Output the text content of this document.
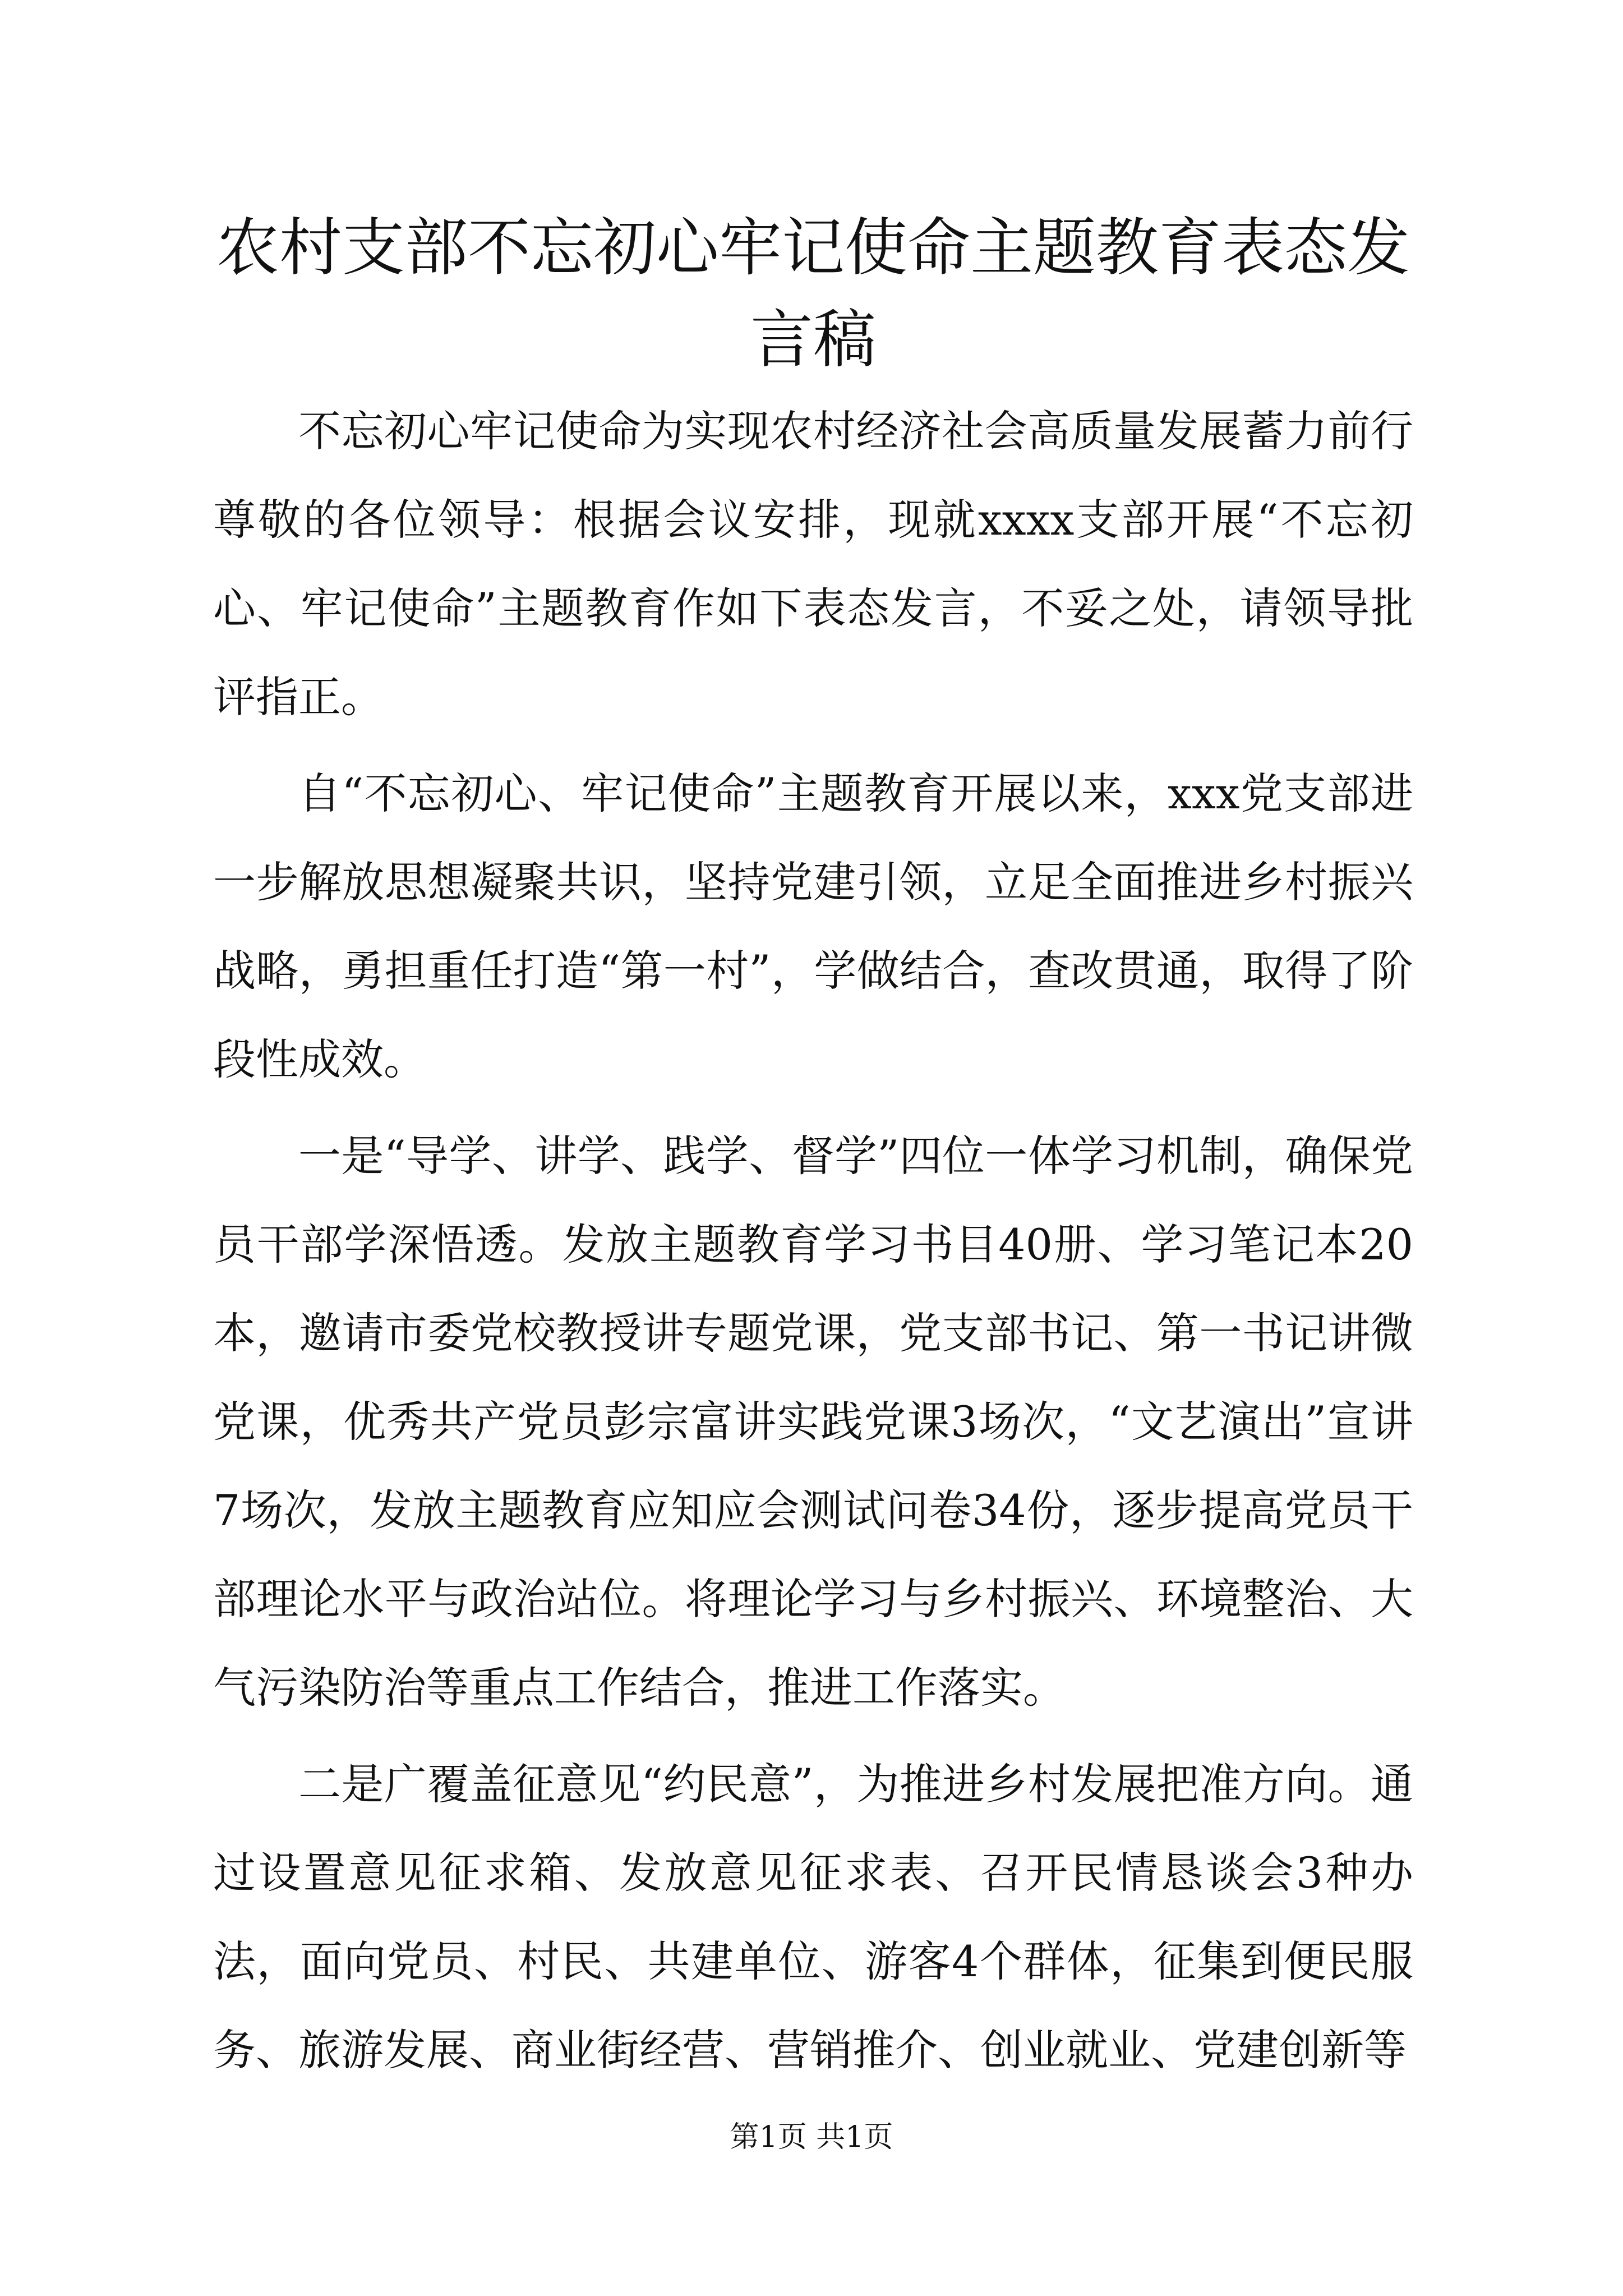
农村支部不忘初心牢记使命主题教育表态发言稿

不忘初心牢记使命为实现农村经济社会高质量发展蓄力前行尊敬的各位领导：根据会议安排，现就xxxx支部开展“不忘初心、牢记使命”主题教育作如下表态发言，不妥之处，请领导批评指正。

自“不忘初心、牢记使命”主题教育开展以来，xxx党支部进一步解放思想凝聚共识，坚持党建引领，立足全面推进乡村振兴战略，勇担重任打造“第一村”，学做结合，查改贯通，取得了阶段性成效。

一是“导学、讲学、践学、督学”四位一体学习机制，确保党员干部学深悟透。发放主题教育学习书目40册、学习笔记本20本，邀请市委党校教授讲专题党课，党支部书记、第一书记讲微党课，优秀共产党员彭宗富讲实践党课3场次，“文艺演出”宣讲7场次，发放主题教育应知应会测试问卷34份，逐步提高党员干部理论水平与政治站位。将理论学习与乡村振兴、环境整治、大气污染防治等重点工作结合，推进工作落实。

二是广覆盖征意见“约民意”，为推进乡村发展把准方向。通过设置意见征求箱、发放意见征求表、召开民情恳谈会3种办法，面向党员、村民、共建单位、游客4个群体，征集到便民服务、旅游发展、商业街经营、营销推介、创业就业、党建创新等

第1页 共1页
